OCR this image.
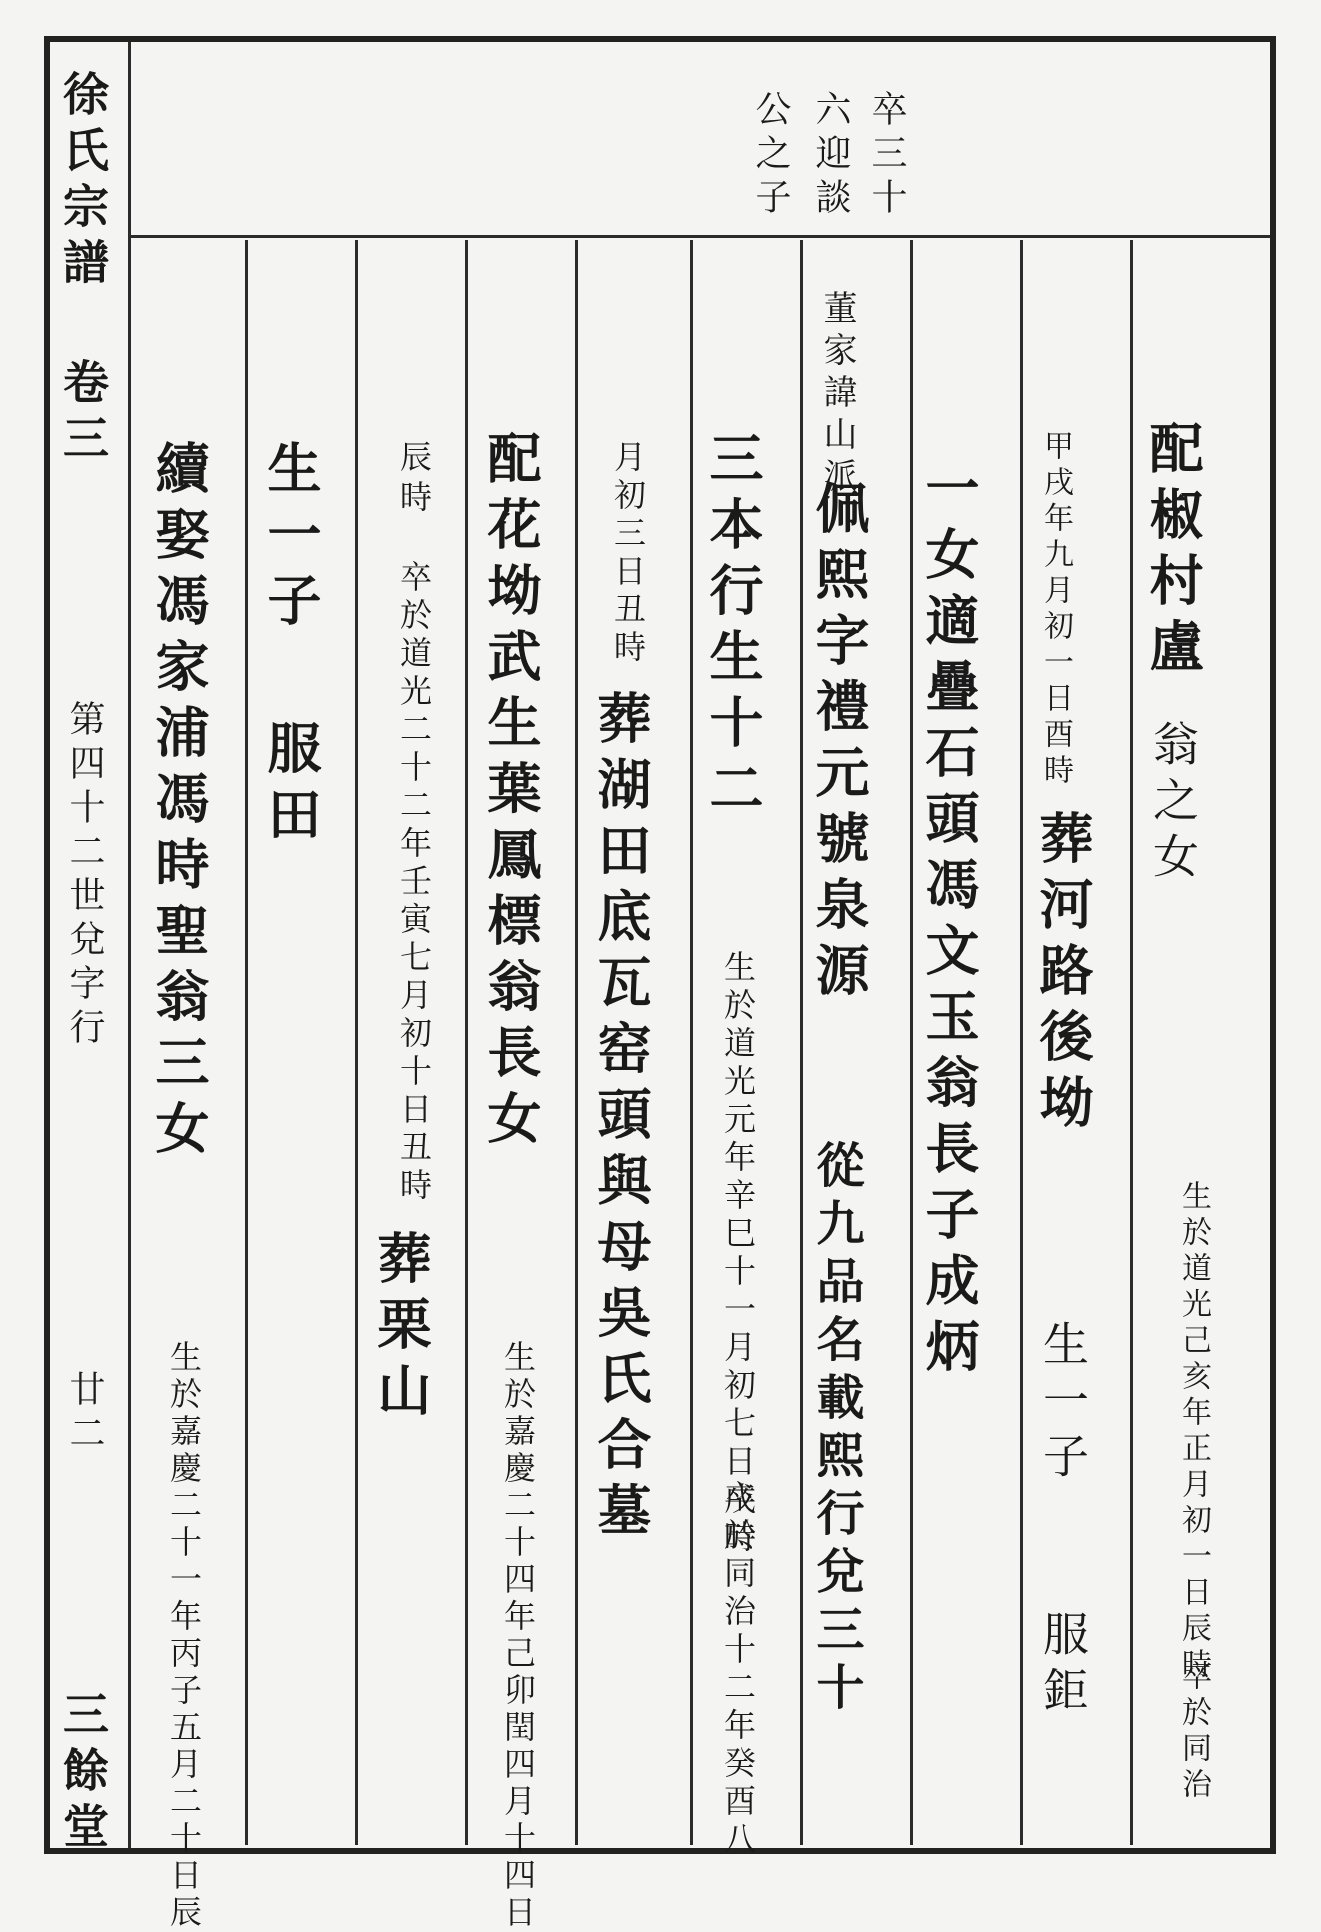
徐氏宗譜 卷三
第四十二世兌字行
廿二
三餘堂
卒三十
六迎談
公之子
配椒村盧
翁之女
生於道光己亥年正月初一日辰時
卒於同治
甲戌年九月初一日酉時
葬河路後坳
生一子
服鉅
一女適疊石頭馮文玉翁長子成炳
董家諱山派
佩熙字禮元號泉源
從九品名載熙行兌三十
三本行生十二
生於道光元年辛巳十一月初七日戌時
卒於同治十二年癸酉八
月初三日丑時
葬湖田底瓦窑頭與母吳氏合墓
配花坳武生葉鳳標翁長女
生於嘉慶二十四年己卯閏四月十四日
辰時
卒於道光二十二年壬寅七月初十日丑時
葬栗山
生一子
服田
續娶馮家浦馮時聖翁三女
生於嘉慶二十一年丙子五月二十日辰
